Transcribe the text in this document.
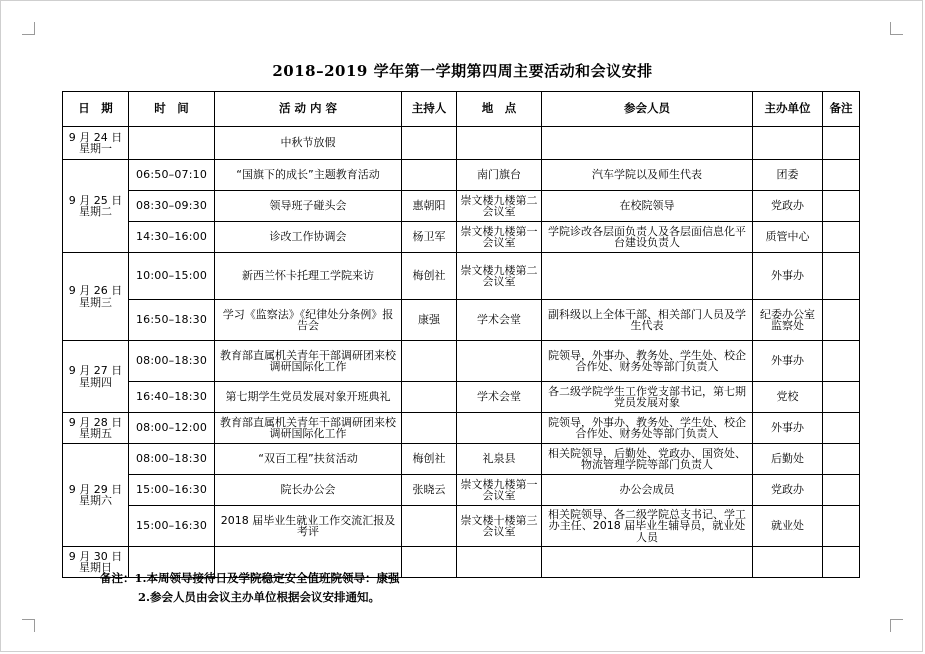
2018–2019 学年第一学期第四周主要活动和会议安排
日　期	时　间	活 动 内 容	主持人	地　点	参会人员	主办单位	备注
9 月 24 日
星期一		中秋节放假					
9 月 25 日
星期二	06:50–07:10	“国旗下的成长”主题教育活动		南门旗台	汽车学院以及师生代表	团委	
	08:30–09:30	领导班子碰头会	惠朝阳	崇文楼九楼第二会议室	在校院领导	党政办	
	14:30–16:00	诊改工作协调会	杨卫军	崇文楼九楼第一会议室	学院诊改各层面负责人及各层面信息化平台建设负责人	质管中心	
9 月 26 日
星期三	10:00–15:00	新西兰怀卡托理工学院来访	梅创社	崇文楼九楼第二会议室		外事办	
	16:50–18:30	学习《监察法》《纪律处分条例》报告会	康强	学术会堂	副科级以上全体干部、相关部门人员及学生代表	纪委办公室监察处	
9 月 27 日
星期四	08:00–18:30	教育部直属机关青年干部调研团来校调研国际化工作			院领导，外事办、教务处、学生处、校企合作处、财务处等部门负责人	外事办	
	16:40–18:30	第七期学生党员发展对象开班典礼		学术会堂	各二级学院学生工作党支部书记，第七期党员发展对象	党校	
9 月 28 日
星期五	08:00–12:00	教育部直属机关青年干部调研团来校调研国际化工作			院领导，外事办、教务处、学生处、校企合作处、财务处等部门负责人	外事办	
9 月 29 日
星期六	08:00–18:30	“双百工程”扶贫活动	梅创社	礼泉县	相关院领导，后勤处、党政办、国资处、物流管理学院等部门负责人	后勤处	
	15:00–16:30	院长办公会	张晓云	崇文楼九楼第一会议室	办公会成员	党政办	
	15:00–16:30	2018 届毕业生就业工作交流汇报及考评		崇文楼十楼第三会议室	相关院领导、各二级学院总支书记、学工办主任、2018 届毕业生辅导员，就业处人员	就业处	
9 月 30 日
星期日							
备注：1.本周领导接待日及学院稳定安全值班院领导：康强
2.参会人员由会议主办单位根据会议安排通知。
